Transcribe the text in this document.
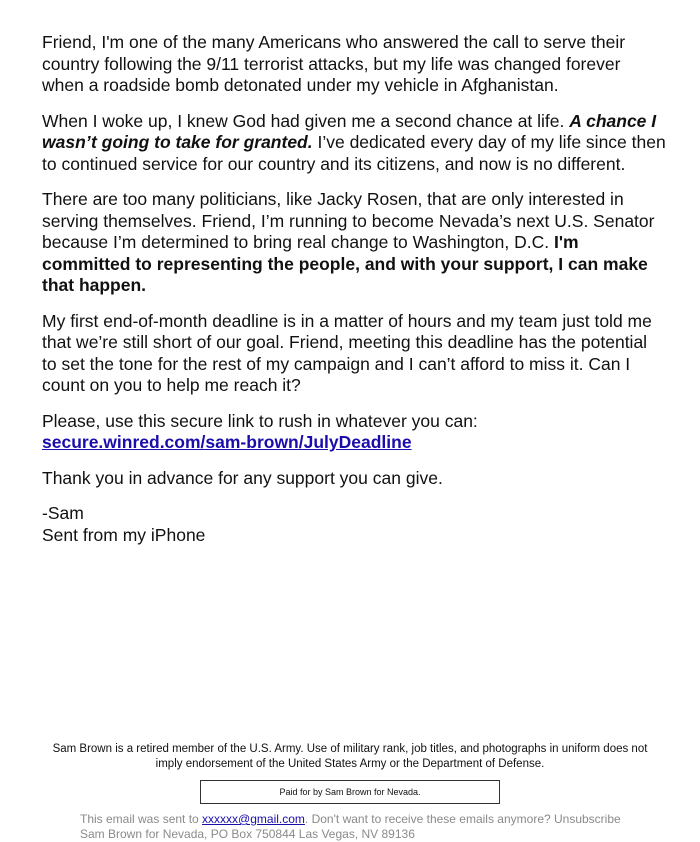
Friend, I'm one of the many Americans who answered the call to serve their country following the 9/11 terrorist attacks, but my life was changed forever when a roadside bomb detonated under my vehicle in Afghanistan.

When I woke up, I knew God had given me a second chance at life. A chance I wasn’t going to take for granted. I’ve dedicated every day of my life since then to continued service for our country and its citizens, and now is no different.

There are too many politicians, like Jacky Rosen, that are only interested in serving themselves. Friend, I’m running to become Nevada’s next U.S. Senator because I’m determined to bring real change to Washington, D.C. I'm committed to representing the people, and with your support, I can make that happen.

My first end-of-month deadline is in a matter of hours and my team just told me that we’re still short of our goal. Friend, meeting this deadline has the potential to set the tone for the rest of my campaign and I can’t afford to miss it. Can I count on you to help me reach it?

Please, use this secure link to rush in whatever you can:
secure.winred.com/sam-brown/JulyDeadline

Thank you in advance for any support you can give.

-Sam
Sent from my iPhone

Sam Brown is a retired member of the U.S. Army. Use of military rank, job titles, and photographs in uniform does not imply endorsement of the United States Army or the Department of Defense.
Paid for by Sam Brown for Nevada.
This email was sent to xxxxxx@gmail.com. Don't want to receive these emails anymore? Unsubscribe
Sam Brown for Nevada, PO Box 750844 Las Vegas, NV 89136
